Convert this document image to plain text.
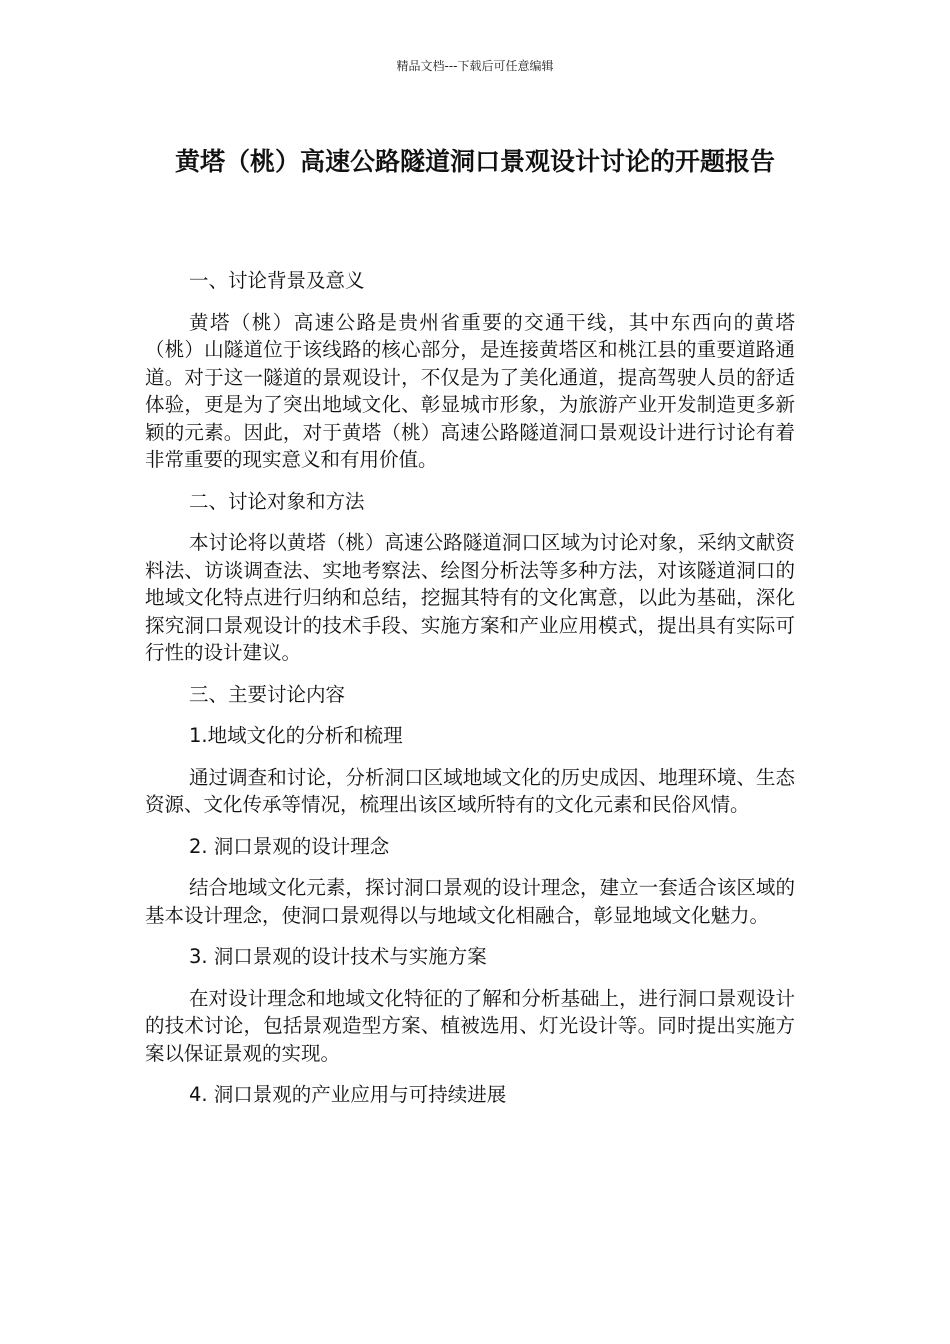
精品文档---下载后可任意编辑
黄塔（桃）高速公路隧道洞口景观设计讨论的开题报告

一、讨论背景及意义

黄塔（桃）高速公路是贵州省重要的交通干线，其中东西向的黄塔（桃）山隧道位于该线路的核心部分，是连接黄塔区和桃江县的重要道路通道。对于这一隧道的景观设计，不仅是为了美化通道，提高驾驶人员的舒适体验，更是为了突出地域文化、彰显城市形象，为旅游产业开发制造更多新颖的元素。因此，对于黄塔（桃）高速公路隧道洞口景观设计进行讨论有着非常重要的现实意义和有用价值。

二、讨论对象和方法

本讨论将以黄塔（桃）高速公路隧道洞口区域为讨论对象，采纳文献资料法、访谈调查法、实地考察法、绘图分析法等多种方法，对该隧道洞口的地域文化特点进行归纳和总结，挖掘其特有的文化寓意，以此为基础，深化探究洞口景观设计的技术手段、实施方案和产业应用模式，提出具有实际可行性的设计建议。

三、主要讨论内容

1.地域文化的分析和梳理

通过调查和讨论，分析洞口区域地域文化的历史成因、地理环境、生态资源、文化传承等情况，梳理出该区域所特有的文化元素和民俗风情。

2. 洞口景观的设计理念

结合地域文化元素，探讨洞口景观的设计理念，建立一套适合该区域的基本设计理念，使洞口景观得以与地域文化相融合，彰显地域文化魅力。

3. 洞口景观的设计技术与实施方案

在对设计理念和地域文化特征的了解和分析基础上，进行洞口景观设计的技术讨论，包括景观造型方案、植被选用、灯光设计等。同时提出实施方案以保证景观的实现。

4. 洞口景观的产业应用与可持续进展
